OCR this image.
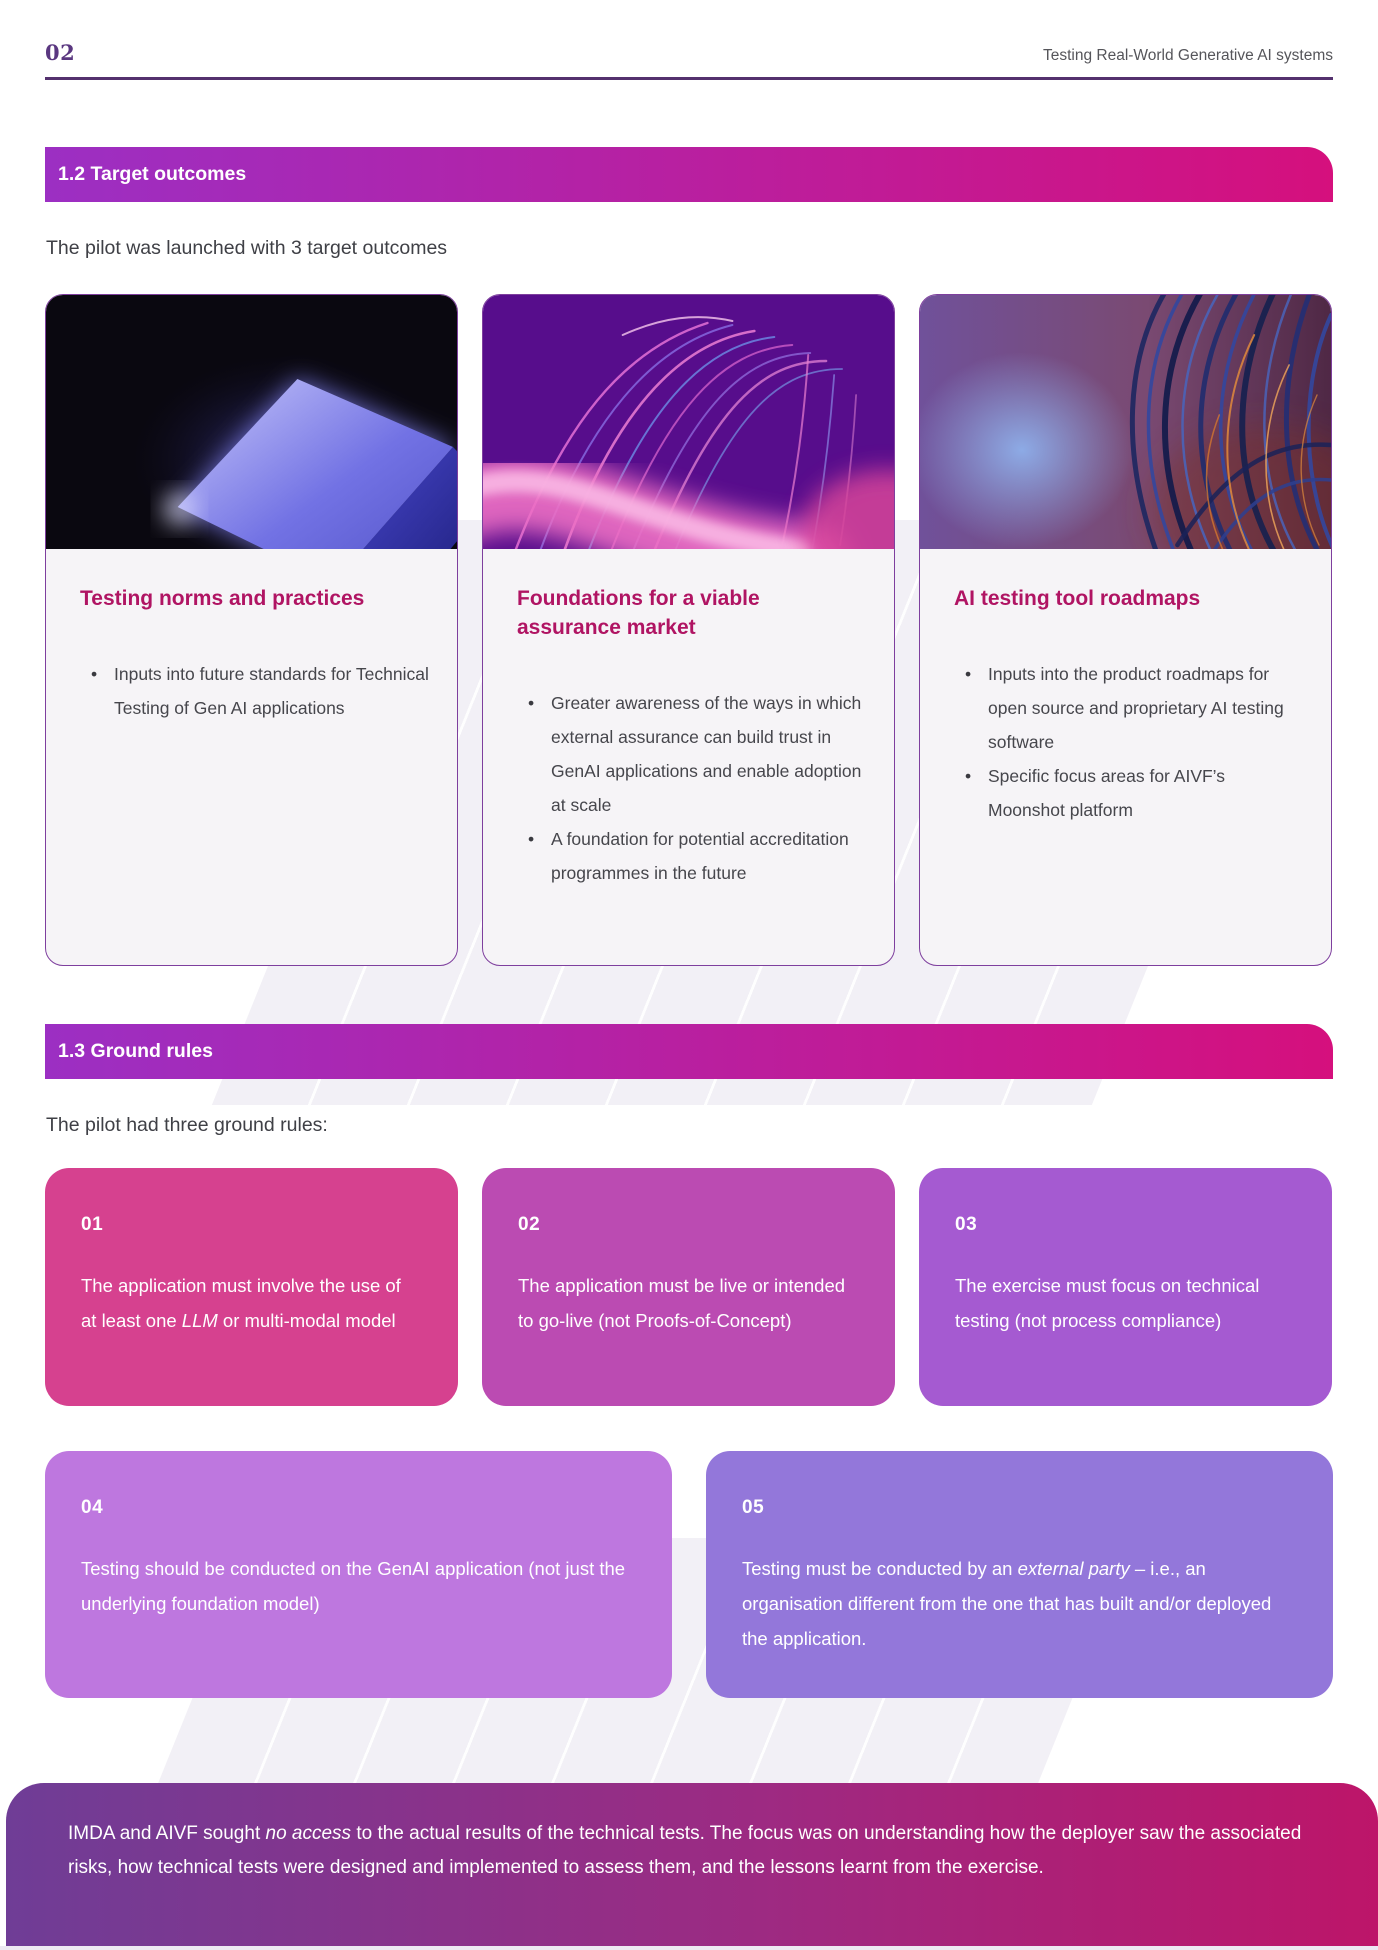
02	Testing Real-World Generative AI systems
1.2 Target outcomes

The pilot was launched with 3 target outcomes

Testing norms and practices
• Inputs into future standards for Technical Testing of Gen AI applications
Foundations for a viable assurance market
• Greater awareness of the ways in which external assurance can build trust in GenAI applications and enable adoption at scale
• A foundation for potential accreditation programmes in the future
AI testing tool roadmaps
• Inputs into the product roadmaps for open source and proprietary AI testing software
• Specific focus areas for AIVF’s Moonshot platform
1.3 Ground rules

The pilot had three ground rules:

01

The application must involve the use of at least one LLM or multi-modal model

02

The application must be live or intended to go-live (not Proofs-of-Concept)

03

The exercise must focus on technical testing (not process compliance)

04

Testing should be conducted on the GenAI application (not just the underlying foundation model)

05

Testing must be conducted by an external party – i.e., an organisation different from the one that has built and/or deployed the application.

IMDA and AIVF sought no access to the actual results of the technical tests. The focus was on understanding how the deployer saw the associated risks, how technical tests were designed and implemented to assess them, and the lessons learnt from the exercise.
